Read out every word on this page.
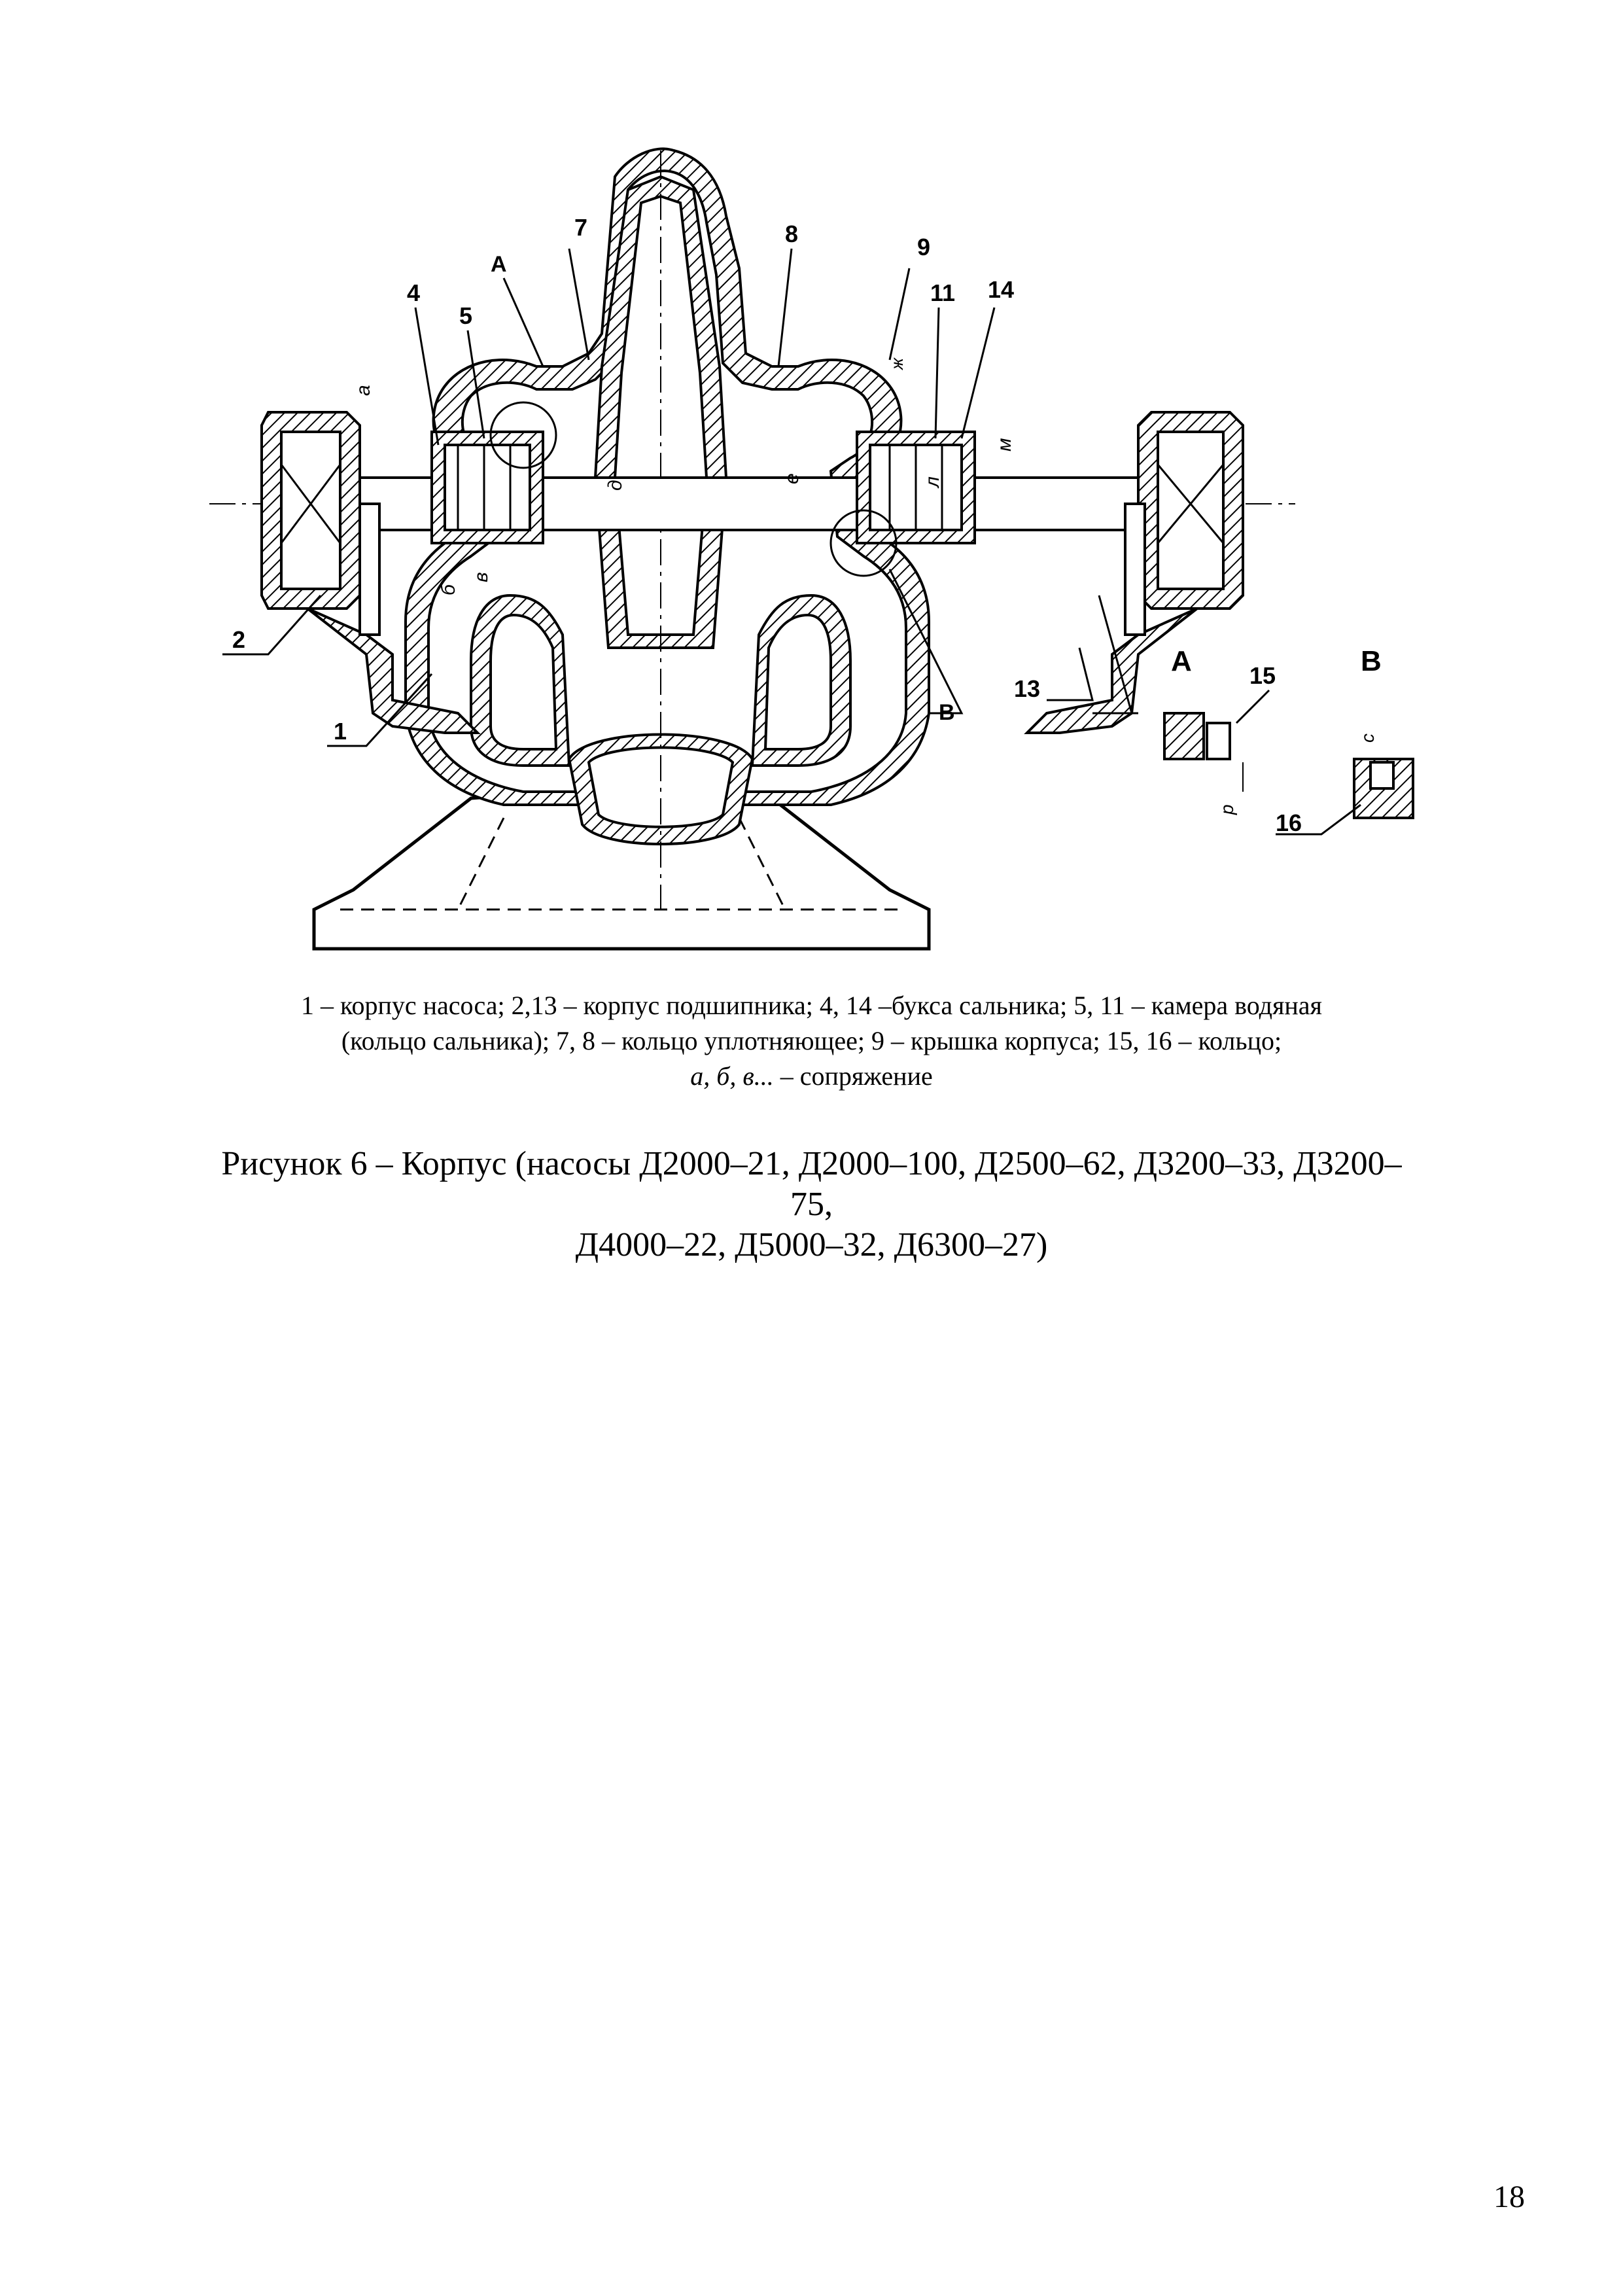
2
1
4
5
А
7	8	9
11 14
13
В
а
б
в
д
е
ж
л
м
А 15
р
В
с
16
1 – корпус насоса; 2,13 – корпус подшипника; 4, 14 –букса сальника; 5, 11 – камера водяная
(кольцо сальника); 7, 8 – кольцо уплотняющее; 9 – крышка корпуса; 15, 16 – кольцо;
а, б, в... – сопряжение
Рисунок 6 – Корпус (насосы Д2000–21, Д2000–100, Д2500–62, Д3200–33, Д3200–
75,
Д4000–22, Д5000–32, Д6300–27)
18
